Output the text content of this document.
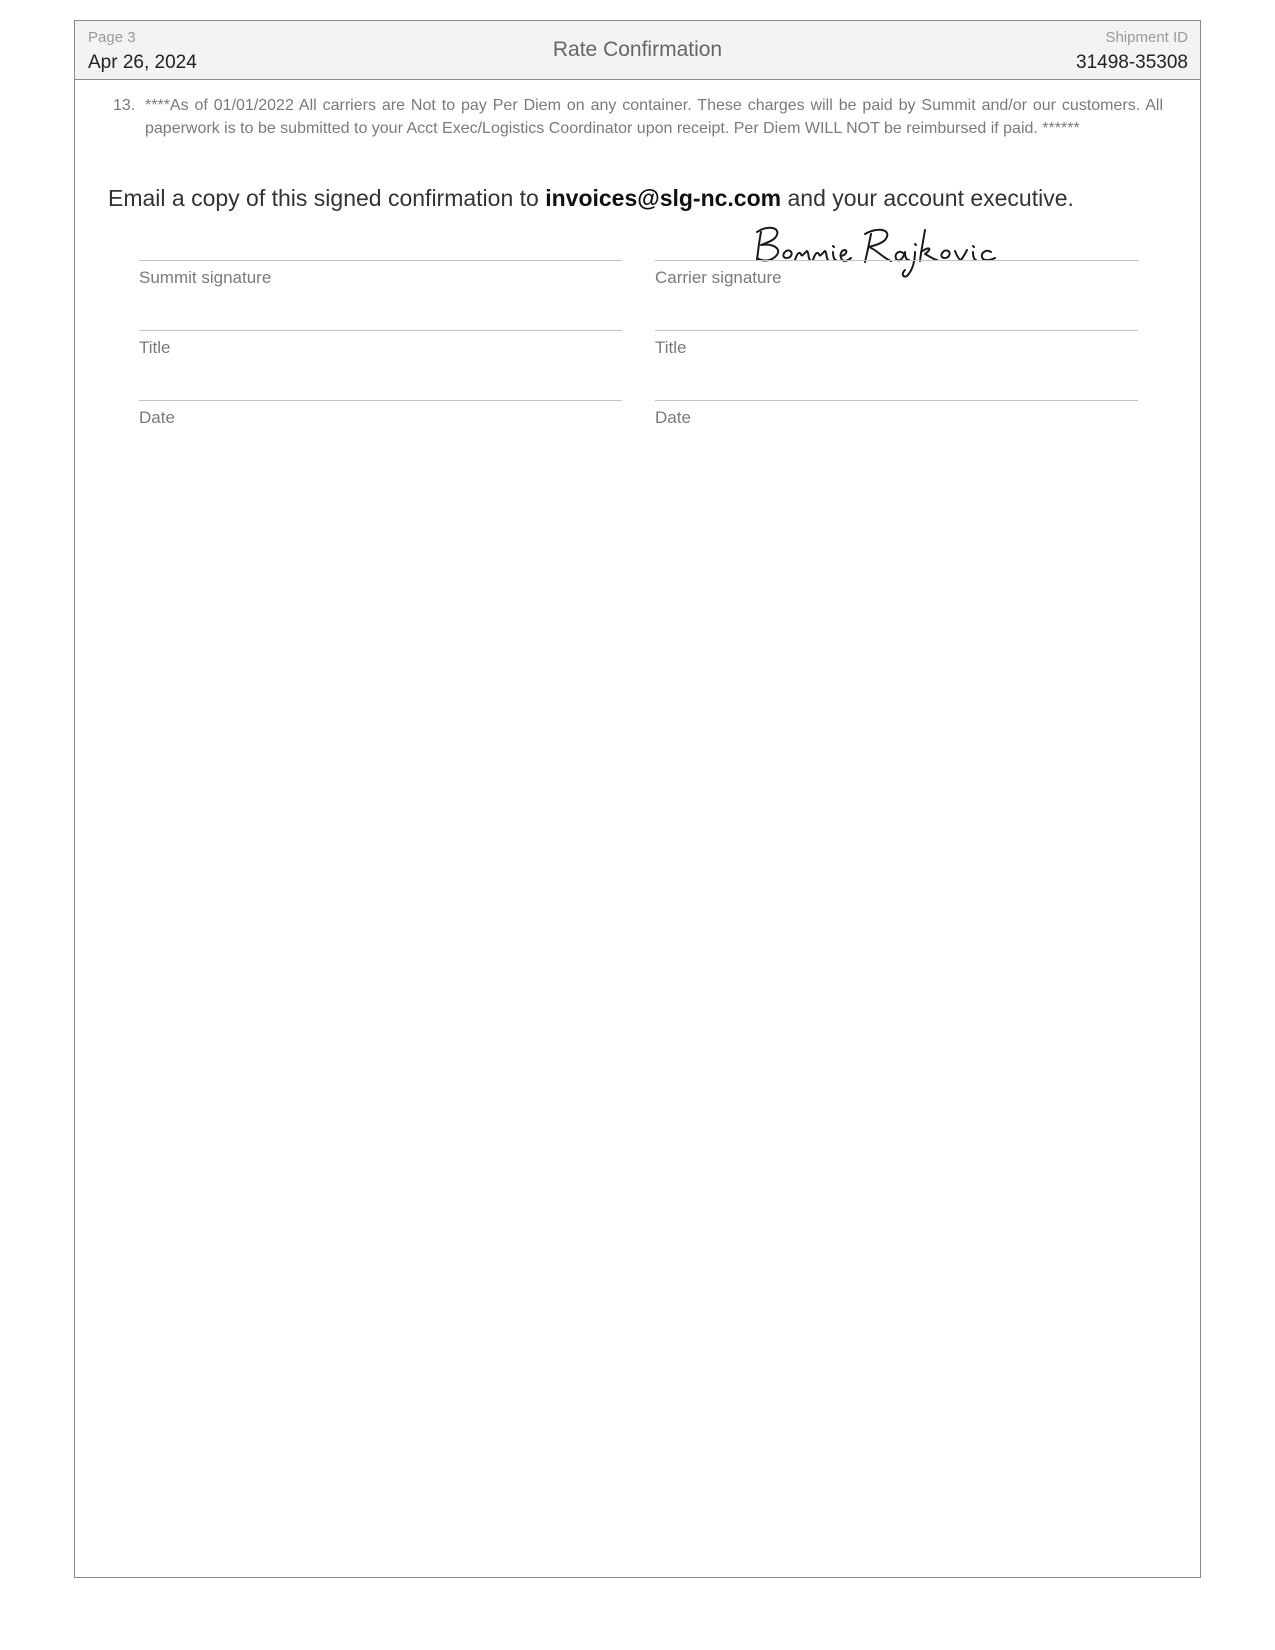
Page 3
Apr 26, 2024
Rate Confirmation
Shipment ID
31498-35308
13. ****As of 01/01/2022 All carriers are Not to pay Per Diem on any container. These charges will be paid by Summit and/or our customers. All paperwork is to be submitted to your Acct Exec/Logistics Coordinator upon receipt. Per Diem WILL NOT be reimbursed if paid. ******
Email a copy of this signed confirmation to invoices@slg-nc.com and your account executive.
Summit signature
Title
Date
Carrier signature
Title
Date
